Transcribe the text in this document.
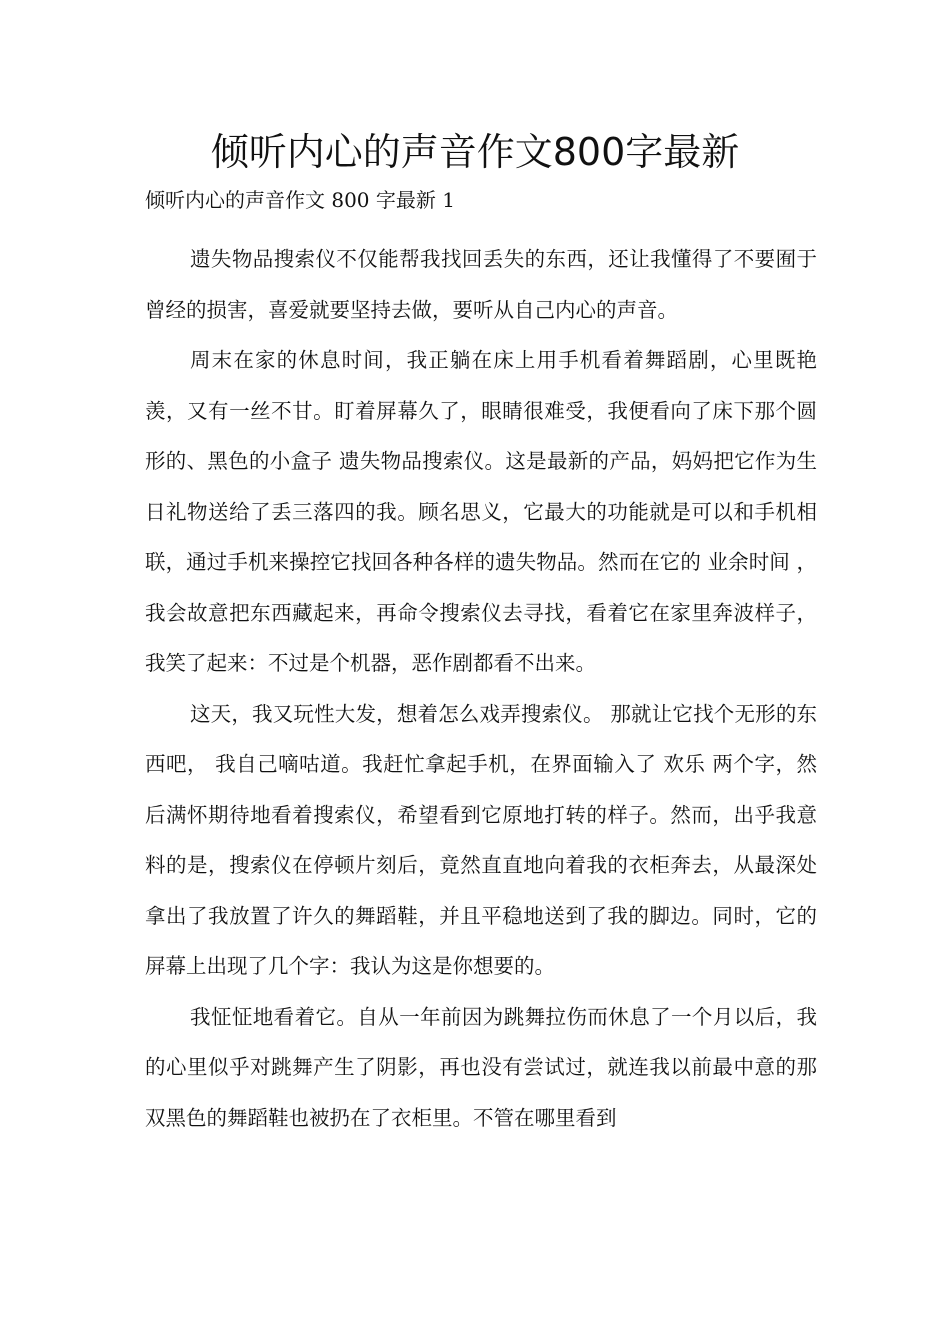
倾听内心的声音作文800字最新

倾听内心的声音作文 800 字最新 1

遗失物品搜索仪不仅能帮我找回丢失的东西，还让我懂得了不要囿于曾经的损害，喜爱就要坚持去做，要听从自己内心的声音。

周末在家的休息时间，我正躺在床上用手机看着舞蹈剧，心里既艳羡，又有一丝不甘。盯着屏幕久了，眼睛很难受，我便看向了床下那个圆形的、黑色的小盒子 遗失物品搜索仪。这是最新的产品，妈妈把它作为生日礼物送给了丢三落四的我。顾名思义，它最大的功能就是可以和手机相联，通过手机来操控它找回各种各样的遗失物品。然而在它的 业余时间 ，我会故意把东西藏起来，再命令搜索仪去寻找，看着它在家里奔波样子，我笑了起来：不过是个机器，恶作剧都看不出来。

这天，我又玩性大发，想着怎么戏弄搜索仪。 那就让它找个无形的东西吧， 我自己嘀咕道。我赶忙拿起手机，在界面输入了 欢乐 两个字，然后满怀期待地看着搜索仪，希望看到它原地打转的样子。然而，出乎我意料的是，搜索仪在停顿片刻后，竟然直直地向着我的衣柜奔去，从最深处拿出了我放置了许久的舞蹈鞋，并且平稳地送到了我的脚边。同时，它的屏幕上出现了几个字：我认为这是你想要的。

我怔怔地看着它。自从一年前因为跳舞拉伤而休息了一个月以后，我的心里似乎对跳舞产生了阴影，再也没有尝试过，就连我以前最中意的那双黑色的舞蹈鞋也被扔在了衣柜里。不管在哪里看到
